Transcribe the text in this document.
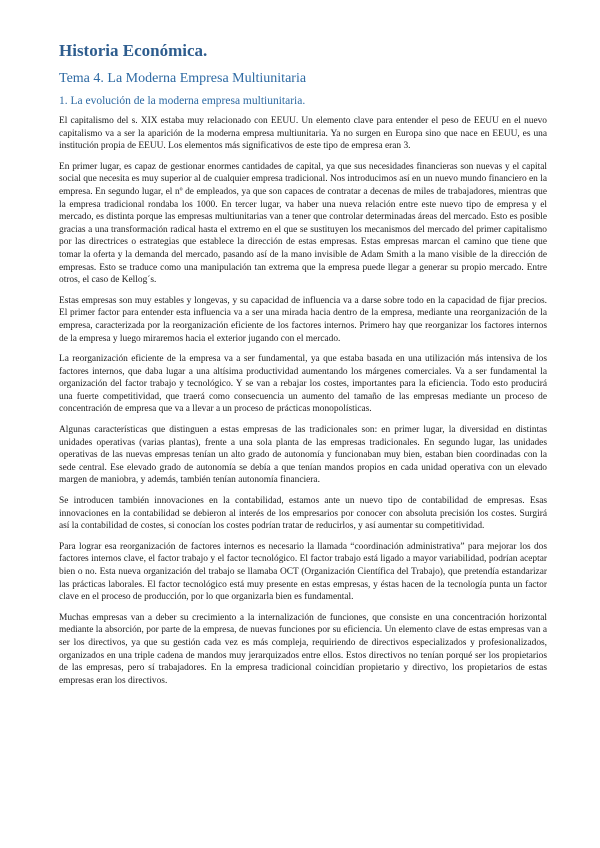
Historia Económica.
Tema 4. La Moderna Empresa Multiunitaria
1. La evolución de la moderna empresa multiunitaria.

El capitalismo del s. XIX estaba muy relacionado con EEUU. Un elemento clave para entender el peso de EEUU en el nuevo capitalismo va a ser la aparición de la moderna empresa multiunitaria. Ya no surgen en Europa sino que nace en EEUU, es una institución propia de EEUU. Los elementos más significativos de este tipo de empresa eran 3.

En primer lugar, es capaz de gestionar enormes cantidades de capital, ya que sus necesidades financieras son nuevas y el capital social que necesita es muy superior al de cualquier empresa tradicional. Nos introducimos así en un nuevo mundo financiero en la empresa. En segundo lugar, el nº de empleados, ya que son capaces de contratar a decenas de miles de trabajadores, mientras que la empresa tradicional rondaba los 1000. En tercer lugar, va haber una nueva relación entre este nuevo tipo de empresa y el mercado, es distinta porque las empresas multiunitarias van a tener que controlar determinadas áreas del mercado. Esto es posible gracias a una transformación radical hasta el extremo en el que se sustituyen los mecanismos del mercado del primer capitalismo por las directrices o estrategias que establece la dirección de estas empresas. Estas empresas marcan el camino que tiene que tomar la oferta y la demanda del mercado, pasando así de la mano invisible de Adam Smith a la mano visible de la dirección de empresas. Esto se traduce como una manipulación tan extrema que la empresa puede llegar a generar su propio mercado. Entre otros, el caso de Kellog´s.

Estas empresas son muy estables y longevas, y su capacidad de influencia va a darse sobre todo en la capacidad de fijar precios. El primer factor para entender esta influencia va a ser una mirada hacia dentro de la empresa, mediante una reorganización de la empresa, caracterizada por la reorganización eficiente de los factores internos. Primero hay que reorganizar los factores internos de la empresa y luego miraremos hacia el exterior jugando con el mercado.

La reorganización eficiente de la empresa va a ser fundamental, ya que estaba basada en una utilización más intensiva de los factores internos, que daba lugar a una altísima productividad aumentando los márgenes comerciales. Va a ser fundamental la organización del factor trabajo y tecnológico. Y se van a rebajar los costes, importantes para la eficiencia. Todo esto producirá una fuerte competitividad, que traerá como consecuencia un aumento del tamaño de las empresas mediante un proceso de concentración de empresa que va a llevar a un proceso de prácticas monopolísticas.

Algunas características que distinguen a estas empresas de las tradicionales son: en primer lugar, la diversidad en distintas unidades operativas (varias plantas), frente a una sola planta de las empresas tradicionales. En segundo lugar, las unidades operativas de las nuevas empresas tenían un alto grado de autonomía y funcionaban muy bien, estaban bien coordinadas con la sede central. Ese elevado grado de autonomía se debía a que tenían mandos propios en cada unidad operativa con un elevado margen de maniobra, y además, también tenían autonomía financiera.

Se introducen también innovaciones en la contabilidad, estamos ante un nuevo tipo de contabilidad de empresas. Esas innovaciones en la contabilidad se debieron al interés de los empresarios por conocer con absoluta precisión los costes. Surgirá así la contabilidad de costes, si conocían los costes podrían tratar de reducirlos, y así aumentar su competitividad.

Para lograr esa reorganización de factores internos es necesario la llamada “coordinación administrativa” para mejorar los dos factores internos clave, el factor trabajo y el factor tecnológico. El factor trabajo está ligado a mayor variabilidad, podrían aceptar bien o no. Esta nueva organización del trabajo se llamaba OCT (Organización Científica del Trabajo), que pretendía estandarizar las prácticas laborales. El factor tecnológico está muy presente en estas empresas, y éstas hacen de la tecnología punta un factor clave en el proceso de producción, por lo que organizarla bien es fundamental.

Muchas empresas van a deber su crecimiento a la internalización de funciones, que consiste en una concentración horizontal mediante la absorción, por parte de la empresa, de nuevas funciones por su eficiencia. Un elemento clave de estas empresas van a ser los directivos, ya que su gestión cada vez es más compleja, requiriendo de directivos especializados y profesionalizados, organizados en una triple cadena de mandos muy jerarquizados entre ellos. Estos directivos no tenían porqué ser los propietarios de las empresas, pero sí trabajadores. En la empresa tradicional coincidían propietario y directivo, los propietarios de estas empresas eran los directivos.
